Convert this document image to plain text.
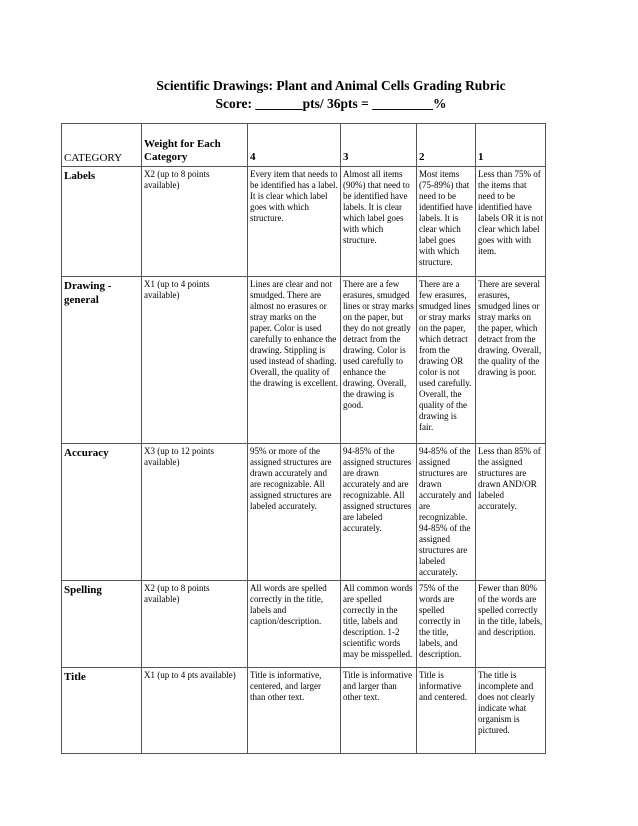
Scientific Drawings: Plant and Animal Cells Grading Rubric
Score: _______pts/ 36pts = _________%
CATEGORY	Weight for Each Category	4	3	2	1
Labels	X2 (up to 8 points available)	Every item that needs to be identified has a label. It is clear which label goes with which structure.	Almost all items (90%) that need to be identified have labels. It is clear which label goes with which structure.	Most items (75-89%) that need to be identified have labels. It is clear which label goes with which structure.	Less than 75% of the items that need to be identified have labels OR it is not clear which label goes with with item.
Drawing - general	X1 (up to 4 points available)	Lines are clear and not smudged. There are almost no erasures or stray marks on the paper. Color is used carefully to enhance the drawing. Stippling is used instead of shading. Overall, the quality of the drawing is excellent.	There are a few erasures, smudged lines or stray marks on the paper, but they do not greatly detract from the drawing. Color is used carefully to enhance the drawing. Overall, the drawing is good.	There are a few erasures, smudged lines or stray marks on the paper, which detract from the drawing OR color is not used carefully. Overall, the quality of the drawing is fair.	There are several erasures, smudged lines or stray marks on the paper, which detract from the drawing. Overall, the quality of the drawing is poor.
Accuracy	X3 (up to 12 points available)	95% or more of the assigned structures are drawn accurately and are recognizable. All assigned structures are labeled accurately.	94-85% of the assigned structures are drawn accurately and are recognizable. All assigned structures are labeled accurately.	94-85% of the assigned structures are drawn accurately and are recognizable. 94-85% of the assigned structures are labeled accurately.	Less than 85% of the assigned structures are drawn AND/OR labeled accurately.
Spelling	X2 (up to 8 points available)	All words are spelled correctly in the title, labels and caption/description.	All common words are spelled correctly in the title, labels and description. 1-2 scientific words may be misspelled.	75% of the words are spelled correctly in the title, labels, and description.	Fewer than 80% of the words are spelled correctly in the title, labels, and description.
Title	X1 (up to 4 pts available)	Title is informative, centered, and larger than other text.	Title is informative and larger than other text.	Title is informative and centered.	The title is incomplete and does not clearly indicate what organism is pictured.
